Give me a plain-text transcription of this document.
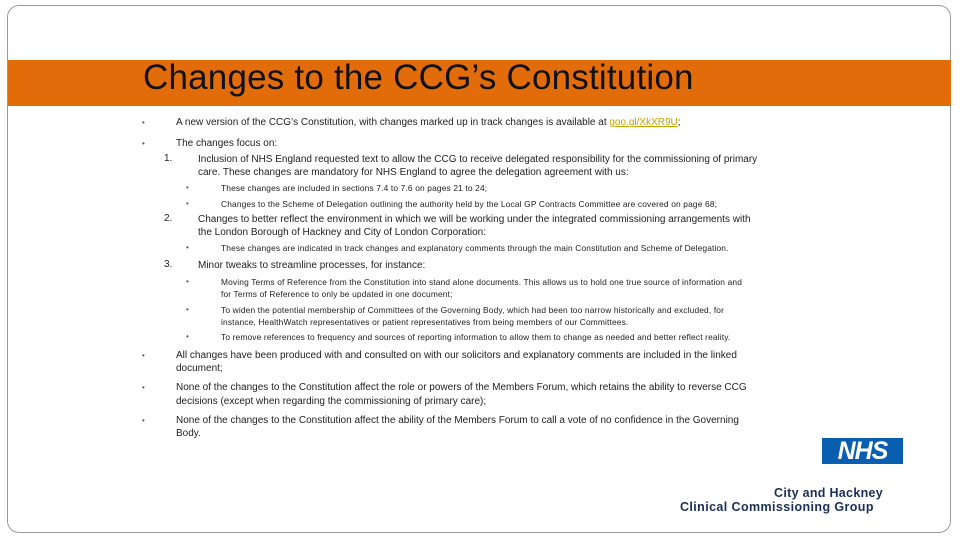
Changes to the CCG’s Constitution
•	A new version of the CCG’s Constitution, with changes marked up in track changes is available at goo.gl/XkXR9U;
•	The changes focus on:
1.	Inclusion of NHS England requested text to allow the CCG to receive delegated responsibility for the commissioning of primary
care. These changes are mandatory for NHS England to agree the delegation agreement with us:
•	These changes are included in sections 7.4 to 7.6 on pages 21 to 24;
•	Changes to the Scheme of Delegation outlining the authority held by the Local GP Contracts Committee are covered on page 68;
2.	Changes to better reflect the environment in which we will be working under the integrated commissioning arrangements with
the London Borough of Hackney and City of London Corporation:
•	These changes are indicated in track changes and explanatory comments through the main Constitution and Scheme of Delegation.
3.	Minor tweaks to streamline processes, for instance:
•	Moving Terms of Reference from the Constitution into stand alone documents. This allows us to hold one true source of information and
for Terms of Reference to only be updated in one document;
•	To widen the potential membership of Committees of the Governing Body, which had been too narrow historically and excluded, for
instance, HealthWatch representatives or patient representatives from being members of our Committees.
•	To remove references to frequency and sources of reporting information to allow them to change as needed and better reflect reality.
•	All changes have been produced with and consulted on with our solicitors and explanatory comments are included in the linked
document;
•	None of the changes to the Constitution affect the role or powers of the Members Forum, which retains the ability to reverse CCG
decisions (except when regarding the commissioning of primary care);
•	None of the changes to the Constitution affect the ability of the Members Forum to call a vote of no confidence in the Governing
Body.
NHS
City and Hackney
Clinical Commissioning Group
